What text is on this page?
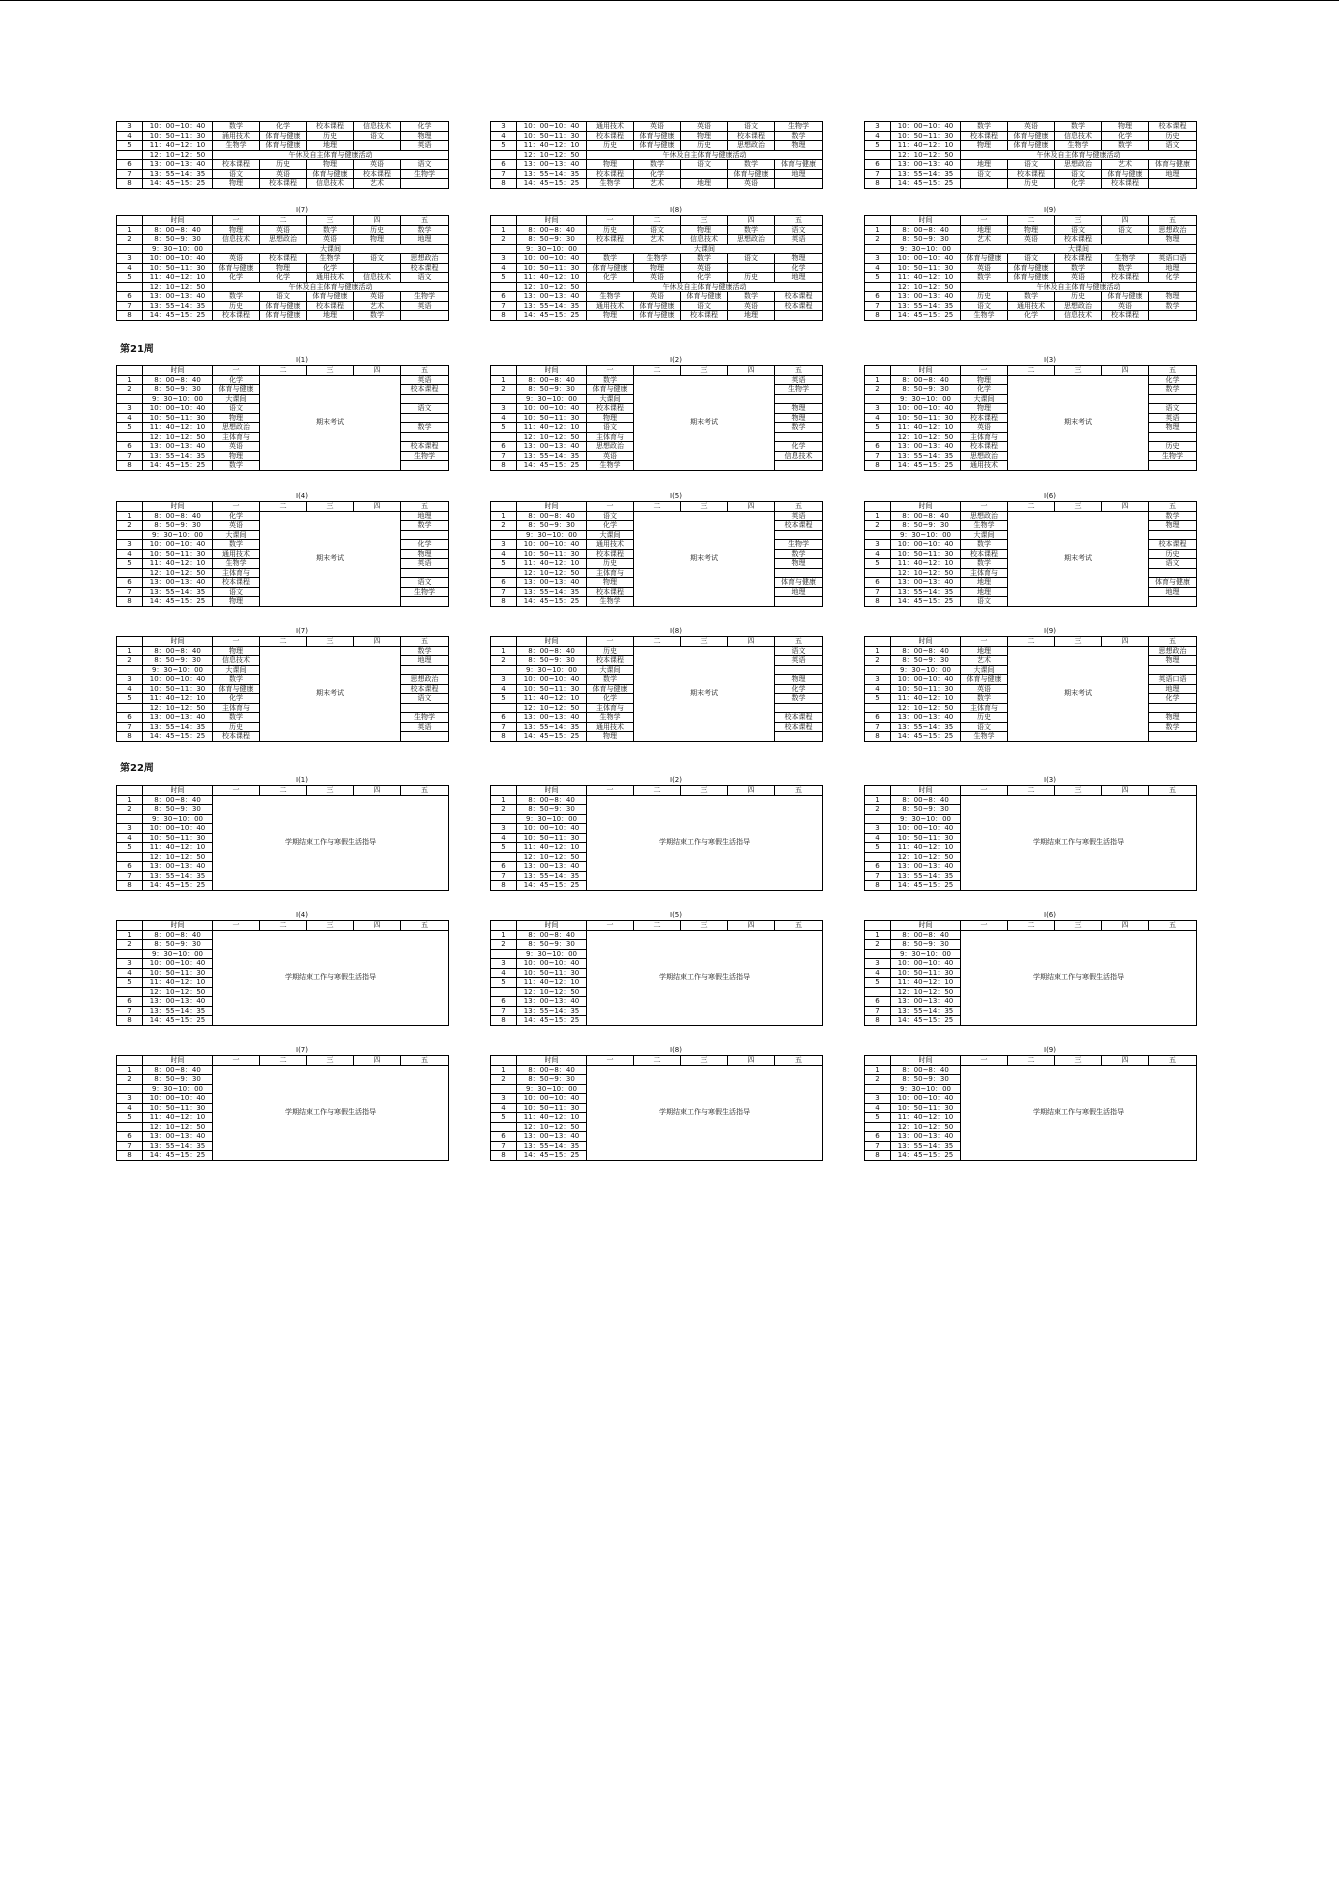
第21周
第22周
3	10：00~10：40	数学	化学	校本课程	信息技术	化学
4	10：50~11：30	涌用技术	体育与健康	历史	语文	物理
5	11：40~12：10	生物学	体育与健康	地理		英语
	12：10~12：50	午休及自主体育与健康活动				
6	13：00~13：40	校本课程	历史	物理	英语	语文
7	13：55~14：35	语文	英语	体育与健康	校本课程	生物学
8	14：45~15：25	物理	校本课程	信息技术	艺术	
3	10：00~10：40	通用技术	英语	英语	语文	生物学
4	10：50~11：30	校本课程	体育与健康	物理	校本课程	数学
5	11：40~12：10	历史	体育与健康	历史	思想政治	物理
	12：10~12：50	午休及自主体育与健康活动				
6	13：00~13：40	物理	数学	语文	数学	体育与健康
7	13：55~14：35	校本课程	化学		体育与健康	地理
8	14：45~15：25	生物学	艺术	地理	英语	
3	10：00~10：40	数学	英语	数学	物理	校本课程
4	10：50~11：30	校本课程	体育与健康	信息技术	化学	历史
5	11：40~12：10	物理	体育与健康	生物学	数学	语文
	12：10~12：50	午休及自主体育与健康活动				
6	13：00~13：40	地理	语文	思想政治	艺术	体育与健康
7	13：55~14：35	语文	校本课程	语文	体育与健康	地理
8	14：45~15：25		历史	化学	校本课程	
Ⅰ(7)
	时间	一	二	三	四	五
1	8：00~8：40	物理	英语	数学	历史	数学
2	8：50~9：30	信息技术	思想政治	英语	物理	地理
	9：30~10：00	大课间				
3	10：00~10：40	英语	校本课程	生物学	语文	思想政治
4	10：50~11：30	体育与健康	物理	化学		校本课程
5	11：40~12：10	化学	化学	通用技术	信息技术	语文
	12：10~12：50	午休及自主体育与健康活动				
6	13：00~13：40	数学	语文	体育与健康	英语	生物学
7	13：55~14：35	历史	体育与健康	校本课程	艺术	英语
8	14：45~15：25	校本课程	体育与健康	地理	数学	
Ⅰ(8)
	时间	一	二	三	四	五
1	8：00~8：40	历史	语文	物理	数学	语文
2	8：50~9：30	校本课程	艺术	信息技术	思想政治	英语
	9：30~10：00	大课间				
3	10：00~10：40	数学	生物学	数学	语文	物理
4	10：50~11：30	体育与健康	物理	英语		化学
5	11：40~12：10	化学	英语	化学	历史	地理
	12：10~12：50	午休及自主体育与健康活动				
6	13：00~13：40	生物学	英语	体育与健康	数学	校本课程
7	13：55~14：35	通用技术	体育与健康	语文	英语	校本课程
8	14：45~15：25	物理	体育与健康	校本课程	地理	
Ⅰ(9)
	时间	一	二	三	四	五
1	8：00~8：40	地理	物理	语文	语文	思想政治
2	8：50~9：30	艺术	英语	校本课程		物理
	9：30~10：00	大课间				
3	10：00~10：40	体育与健康	语文	校本课程	生物学	英语口语
4	10：50~11：30	英语	体育与健康	数学	数学	地理
5	11：40~12：10	数学	体育与健康	英语	校本课程	化学
	12：10~12：50	午休及自主体育与健康活动				
6	13：00~13：40	历史	数学	历史	体育与健康	物理
7	13：55~14：35	语文	通用技术	思想政治	英语	数学
8	14：45~15：25	生物学	化学	信息技术	校本课程	
Ⅰ(1)
	时间	一	二	三	四	五
1	8：00~8：40	化学	期末考试			英语
2	8：50~9：30	体育与健康				校本课程
	9：30~10：00	大课间				
3	10：00~10：40	语文				语文
4	10：50~11：30	物理				
5	11：40~12：10	思想政治				数学
	12：10~12：50	主体育与				
6	13：00~13：40	英语				校本课程
7	13：55~14：35	物理				生物学
8	14：45~15：25	数学				
Ⅰ(2)
	时间	一	二	三	四	五
1	8：00~8：40	数学	期末考试			英语
2	8：50~9：30	体育与健康				生物学
	9：30~10：00	大课间				
3	10：00~10：40	校本课程				物理
4	10：50~11：30	物理				物理
5	11：40~12：10	语文				数学
	12：10~12：50	主体育与				
6	13：00~13：40	思想政治				化学
7	13：55~14：35	英语				信息技术
8	14：45~15：25	生物学				
Ⅰ(3)
	时间	一	二	三	四	五
1	8：00~8：40	物理	期末考试			化学
2	8：50~9：30	化学				数学
	9：30~10：00	大课间				
3	10：00~10：40	物理				语文
4	10：50~11：30	校本课程				英语
5	11：40~12：10	英语				物理
	12：10~12：50	主体育与				
6	13：00~13：40	校本课程				历史
7	13：55~14：35	思想政治				生物学
8	14：45~15：25	通用技术				
Ⅰ(4)
	时间	一	二	三	四	五
1	8：00~8：40	化学	期末考试			地理
2	8：50~9：30	英语				数学
	9：30~10：00	大课间				
3	10：00~10：40	数学				化学
4	10：50~11：30	通用技术				物理
5	11：40~12：10	生物学				英语
	12：10~12：50	主体育与				
6	13：00~13：40	校本课程				语文
7	13：55~14：35	语文				生物学
8	14：45~15：25	物理				
Ⅰ(5)
	时间	一	二	三	四	五
1	8：00~8：40	语文	期末考试			英语
2	8：50~9：30	化学				校本课程
	9：30~10：00	大课间				
3	10：00~10：40	通用技术				生物学
4	10：50~11：30	校本课程				数学
5	11：40~12：10	历史				物理
	12：10~12：50	主体育与				
6	13：00~13：40	物理				体育与健康
7	13：55~14：35	校本课程				地理
8	14：45~15：25	生物学				
Ⅰ(6)
	时间	一	二	三	四	五
1	8：00~8：40	思想政治	期末考试			数学
2	8：50~9：30	生物学				物理
	9：30~10：00	大课间				
3	10：00~10：40	数学				校本课程
4	10：50~11：30	校本课程				历史
5	11：40~12：10	数学				语文
	12：10~12：50	主体育与				
6	13：00~13：40	地理				体育与健康
7	13：55~14：35	地理				地理
8	14：45~15：25	语文				
Ⅰ(7)
	时间	一	二	三	四	五
1	8：00~8：40	物理	期末考试			数学
2	8：50~9：30	信息技术				地理
	9：30~10：00	大课间				
3	10：00~10：40	数学				思想政治
4	10：50~11：30	体育与健康				校本课程
5	11：40~12：10	化学				语文
	12：10~12：50	主体育与				
6	13：00~13：40	数学				生物学
7	13：55~14：35	历史				英语
8	14：45~15：25	校本课程				
Ⅰ(8)
	时间	一	二	三	四	五
1	8：00~8：40	历史	期末考试			语文
2	8：50~9：30	校本课程				英语
	9：30~10：00	大课间				
3	10：00~10：40	数学				物理
4	10：50~11：30	体育与健康				化学
5	11：40~12：10	化学				数学
	12：10~12：50	主体育与				
6	13：00~13：40	生物学				校本课程
7	13：55~14：35	通用技术				校本课程
8	14：45~15：25	物理				
Ⅰ(9)
	时间	一	二	三	四	五
1	8：00~8：40	地理	期末考试			思想政治
2	8：50~9：30	艺术				物理
	9：30~10：00	大课间				
3	10：00~10：40	体育与健康				英语口语
4	10：50~11：30	英语				地理
5	11：40~12：10	数学				化学
	12：10~12：50	主体育与				
6	13：00~13：40	历史				物理
7	13：55~14：35	语文				数学
8	14：45~15：25	生物学				
Ⅰ(1)
	时间	一	二	三	四	五
1	8：00~8：40	学期结束工作与寒假生活指导				
2	8：50~9：30					
	9：30~10：00					
3	10：00~10：40					
4	10：50~11：30					
5	11：40~12：10					
	12：10~12：50					
6	13：00~13：40					
7	13：55~14：35					
8	14：45~15：25					
Ⅰ(2)
	时间	一	二	三	四	五
1	8：00~8：40	学期结束工作与寒假生活指导				
2	8：50~9：30					
	9：30~10：00					
3	10：00~10：40					
4	10：50~11：30					
5	11：40~12：10					
	12：10~12：50					
6	13：00~13：40					
7	13：55~14：35					
8	14：45~15：25					
Ⅰ(3)
	时间	一	二	三	四	五
1	8：00~8：40	学期结束工作与寒假生活指导				
2	8：50~9：30					
	9：30~10：00					
3	10：00~10：40					
4	10：50~11：30					
5	11：40~12：10					
	12：10~12：50					
6	13：00~13：40					
7	13：55~14：35					
8	14：45~15：25					
Ⅰ(4)
	时间	一	二	三	四	五
1	8：00~8：40	学期结束工作与寒假生活指导				
2	8：50~9：30					
	9：30~10：00					
3	10：00~10：40					
4	10：50~11：30					
5	11：40~12：10					
	12：10~12：50					
6	13：00~13：40					
7	13：55~14：35					
8	14：45~15：25					
Ⅰ(5)
	时间	一	二	三	四	五
1	8：00~8：40	学期结束工作与寒假生活指导				
2	8：50~9：30					
	9：30~10：00					
3	10：00~10：40					
4	10：50~11：30					
5	11：40~12：10					
	12：10~12：50					
6	13：00~13：40					
7	13：55~14：35					
8	14：45~15：25					
Ⅰ(6)
	时间	一	二	三	四	五
1	8：00~8：40	学期结束工作与寒假生活指导				
2	8：50~9：30					
	9：30~10：00					
3	10：00~10：40					
4	10：50~11：30					
5	11：40~12：10					
	12：10~12：50					
6	13：00~13：40					
7	13：55~14：35					
8	14：45~15：25					
Ⅰ(7)
	时间	一	二	三	四	五
1	8：00~8：40	学期结束工作与寒假生活指导				
2	8：50~9：30					
	9：30~10：00					
3	10：00~10：40					
4	10：50~11：30					
5	11：40~12：10					
	12：10~12：50					
6	13：00~13：40					
7	13：55~14：35					
8	14：45~15：25					
Ⅰ(8)
	时间	一	二	三	四	五
1	8：00~8：40	学期结束工作与寒假生活指导				
2	8：50~9：30					
	9：30~10：00					
3	10：00~10：40					
4	10：50~11：30					
5	11：40~12：10					
	12：10~12：50					
6	13：00~13：40					
7	13：55~14：35					
8	14：45~15：25					
Ⅰ(9)
	时间	一	二	三	四	五
1	8：00~8：40	学期结束工作与寒假生活指导				
2	8：50~9：30					
	9：30~10：00					
3	10：00~10：40					
4	10：50~11：30					
5	11：40~12：10					
	12：10~12：50					
6	13：00~13：40					
7	13：55~14：35					
8	14：45~15：25					
